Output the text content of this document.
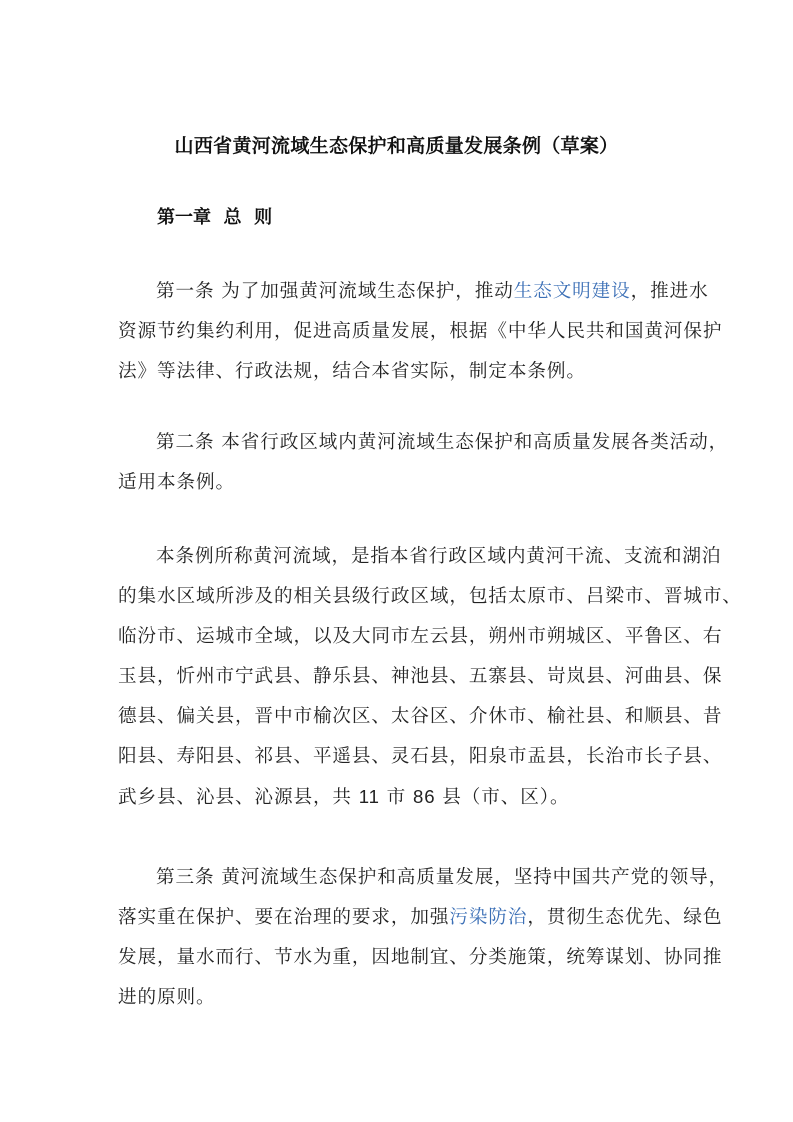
山西省黄河流域生态保护和高质量发展条例（草案）
第一章  总  则
第一条 为了加强黄河流域生态保护，推动生态文明建设，推进水
资源节约集约利用，促进高质量发展，根据《中华人民共和国黄河保护
法》等法律、行政法规，结合本省实际，制定本条例。
第二条 本省行政区域内黄河流域生态保护和高质量发展各类活动，
适用本条例。
本条例所称黄河流域，是指本省行政区域内黄河干流、支流和湖泊
的集水区域所涉及的相关县级行政区域，包括太原市、吕梁市、晋城市、
临汾市、运城市全域，以及大同市左云县，朔州市朔城区、平鲁区、右
玉县，忻州市宁武县、静乐县、神池县、五寨县、岢岚县、河曲县、保
德县、偏关县，晋中市榆次区、太谷区、介休市、榆社县、和顺县、昔
阳县、寿阳县、祁县、平遥县、灵石县，阳泉市盂县，长治市长子县、
武乡县、沁县、沁源县，共 11 市 86 县（市、区）。
第三条 黄河流域生态保护和高质量发展，坚持中国共产党的领导，
落实重在保护、要在治理的要求，加强污染防治，贯彻生态优先、绿色
发展，量水而行、节水为重，因地制宜、分类施策，统筹谋划、协同推
进的原则。
